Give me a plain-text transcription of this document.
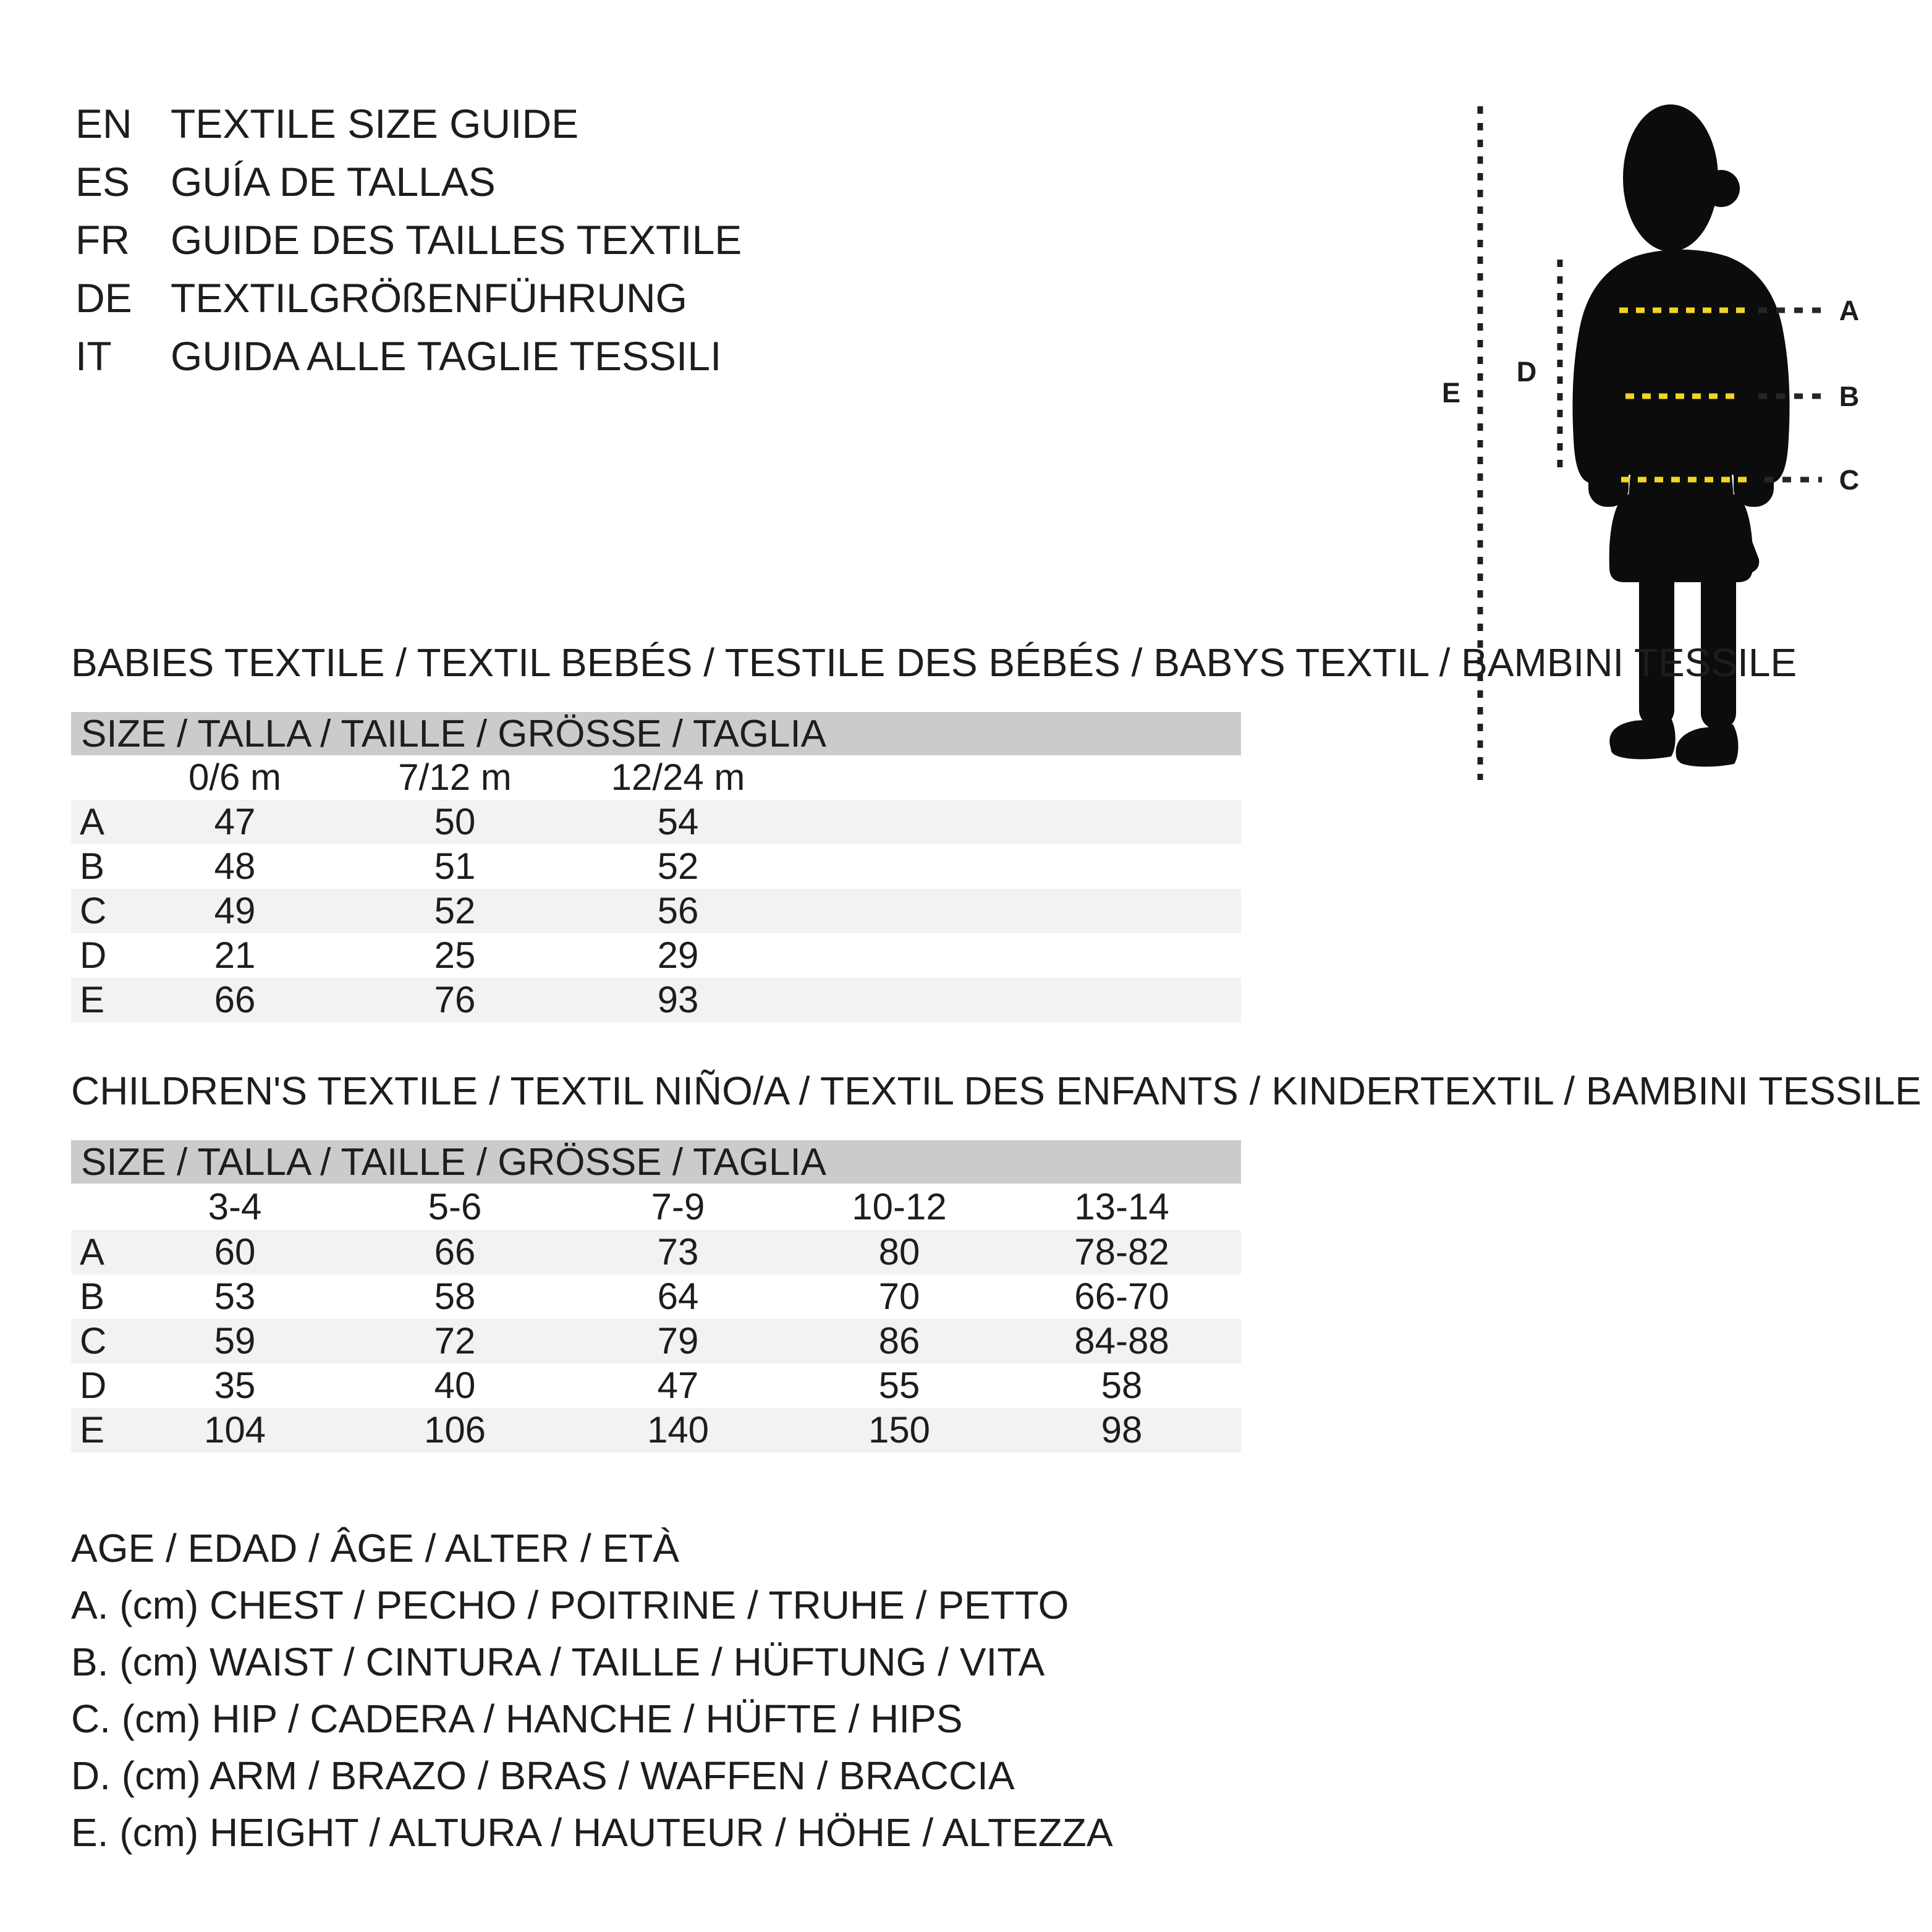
EN TEXTILE SIZE GUIDE
ES GUÍA DE TALLAS
FR GUIDE DES TAILLES TEXTILE
DE TEXTILGRÖßENFÜHRUNG
IT GUIDA ALLE TAGLIE TESSILI
A
B
C
D
E
BABIES TEXTILE / TEXTIL BEBÉS / TESTILE DES BÉBÉS / BABYS TEXTIL / BAMBINI TESSILE
SIZE / TALLA / TAILLE / GRÖSSE / TAGLIA
0/6 m	7/12 m	12/24 m
A	47	50	54
B	48	51	52
C	49	52	56
D	21	25	29
E	66	76	93
CHILDREN'S TEXTILE / TEXTIL NIÑO/A / TEXTIL DES ENFANTS / KINDERTEXTIL / BAMBINI TESSILE
SIZE / TALLA / TAILLE / GRÖSSE / TAGLIA
3-4	5-6	7-9	10-12	13-14
A	60	66	73	80	78-82
B	53	58	64	70	66-70
C	59	72	79	86	84-88
D	35	40	47	55	58
E	104	106	140	150	98
AGE / EDAD / ÂGE / ALTER / ETÀ
A. (cm) CHEST / PECHO / POITRINE / TRUHE / PETTO
B. (cm) WAIST / CINTURA / TAILLE / HÜFTUNG / VITA
C. (cm) HIP / CADERA / HANCHE / HÜFTE / HIPS
D. (cm) ARM / BRAZO / BRAS / WAFFEN / BRACCIA
E. (cm) HEIGHT / ALTURA / HAUTEUR / HÖHE / ALTEZZA
